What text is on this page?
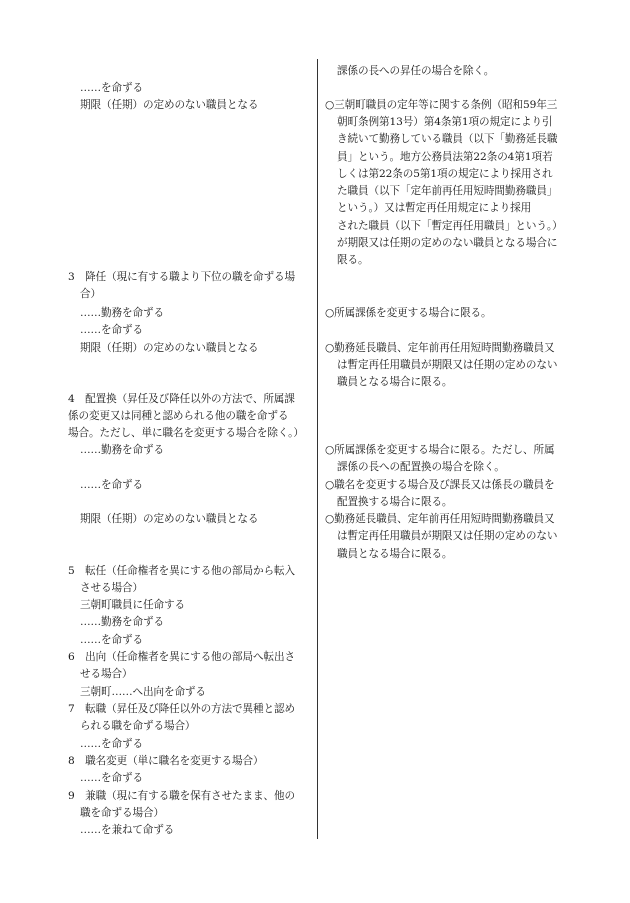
……を命ずる
期限（任期）の定めのない職員となる
3　降任（現に有する職より下位の職を命ずる場
合）
……勤務を命ずる
……を命ずる
期限（任期）の定めのない職員となる
4　配置換（昇任及び降任以外の方法で、所属課
係の変更又は同種と認められる他の職を命ずる
場合。ただし、単に職名を変更する場合を除く。）
……勤務を命ずる
……を命ずる
期限（任期）の定めのない職員となる
5　転任（任命権者を異にする他の部局から転入
させる場合）
三朝町職員に任命する
……勤務を命ずる
……を命ずる
6　出向（任命権者を異にする他の部局へ転出さ
せる場合）
三朝町……へ出向を命ずる
7　転職（昇任及び降任以外の方法で異種と認め
られる職を命ずる場合）
……を命ずる
8　職名変更（単に職名を変更する場合）
……を命ずる
9　兼職（現に有する職を保有させたまま、他の
職を命ずる場合）
……を兼ねて命ずる
課係の長への昇任の場合を除く。
○三朝町職員の定年等に関する条例（昭和59年三
朝町条例第13号）第4条第1項の規定により引
き続いて勤務している職員（以下「勤務延長職
員」という。地方公務員法第22条の4第1項若
しくは第22条の5第1項の規定により採用され
た職員（以下「定年前再任用短時間勤務職員」
という。）又は暫定再任用規定により採用
された職員（以下「暫定再任用職員」という。）
が期限又は任期の定めのない職員となる場合に
限る。
○所属課係を変更する場合に限る。
○勤務延長職員、定年前再任用短時間勤務職員又
は暫定再任用職員が期限又は任期の定めのない
職員となる場合に限る。
○所属課係を変更する場合に限る。ただし、所属
課係の長への配置換の場合を除く。
○職名を変更する場合及び課長又は係長の職員を
配置換する場合に限る。
○勤務延長職員、定年前再任用短時間勤務職員又
は暫定再任用職員が期限又は任期の定めのない
職員となる場合に限る。
